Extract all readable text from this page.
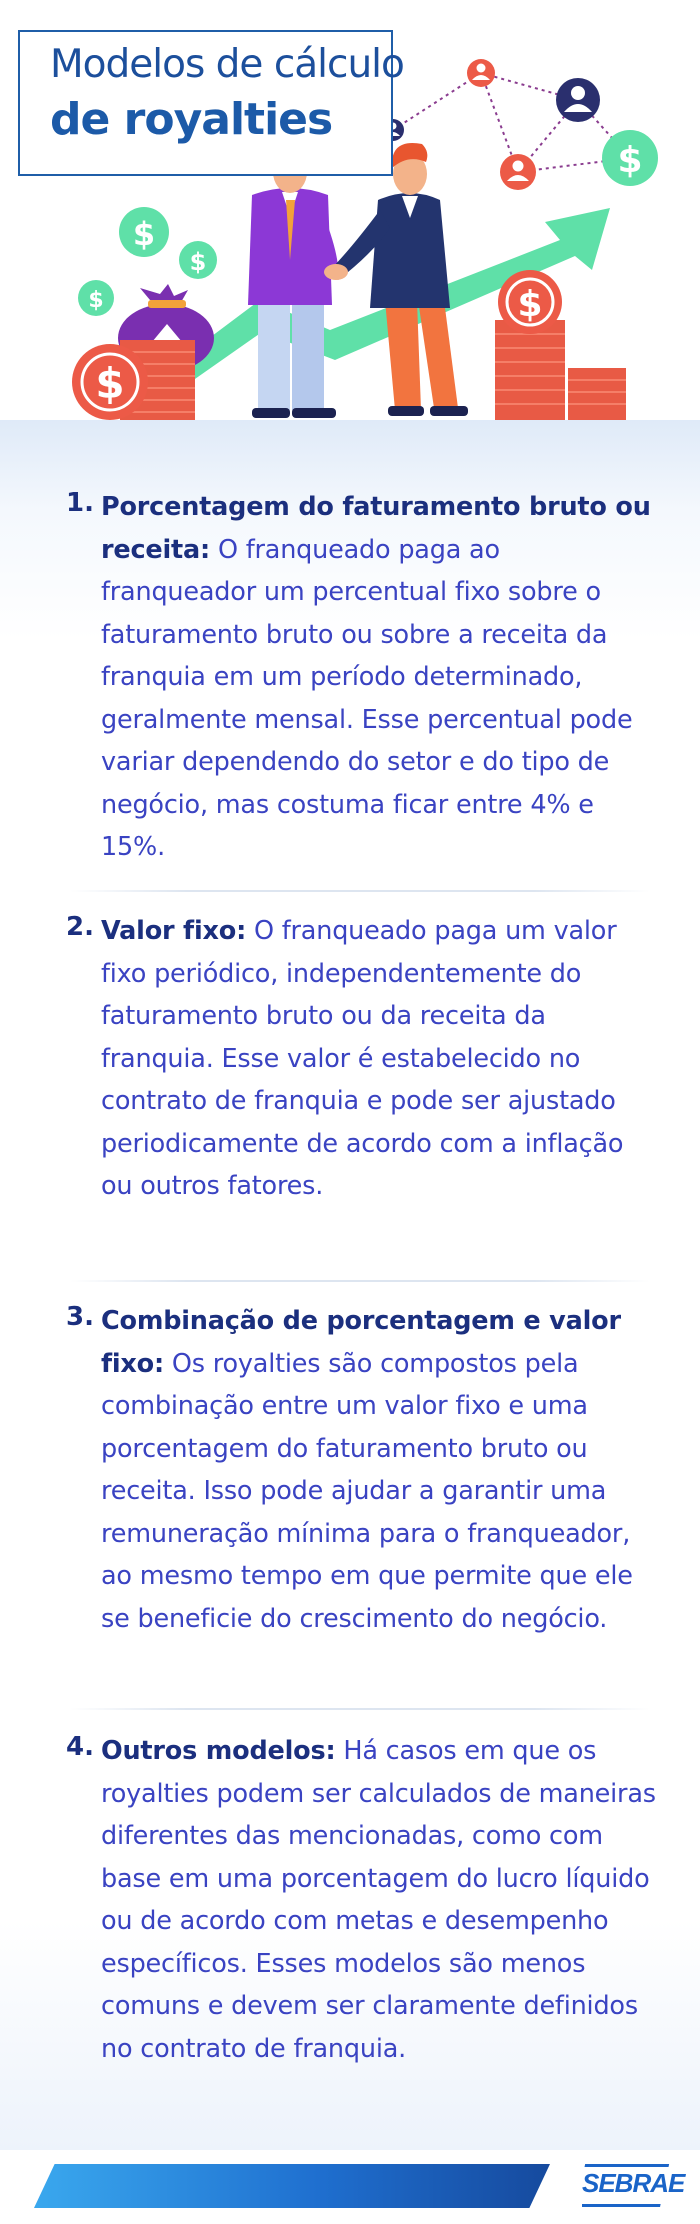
$
$
$
$
$
$
Modelos de cálculo
de royalties
1. Porcentagem do faturamento bruto ou receita: O franqueado paga ao franqueador um percentual fixo sobre o faturamento bruto ou sobre a receita da franquia em um período determinado, geralmente mensal. Esse percentual pode variar dependendo do setor e do tipo de negócio, mas costuma ficar entre 4% e 15%.

2. Valor fixo: O franqueado paga um valor fixo periódico, independentemente do faturamento bruto ou da receita da franquia. Esse valor é estabelecido no contrato de franquia e pode ser ajustado periodicamente de acordo com a inflação ou outros fatores.

3. Combinação de porcentagem e valor fixo: Os royalties são compostos pela combinação entre um valor fixo e uma porcentagem do faturamento bruto ou receita. Isso pode ajudar a garantir uma remuneração mínima para o franqueador, ao mesmo tempo em que permite que ele se beneficie do crescimento do negócio.

4. Outros modelos: Há casos em que os royalties podem ser calculados de maneiras diferentes das mencionadas, como com base em uma porcentagem do lucro líquido ou de acordo com metas e desempenho específicos. Esses modelos são menos comuns e devem ser claramente definidos no contrato de franquia.

SEBRAE
